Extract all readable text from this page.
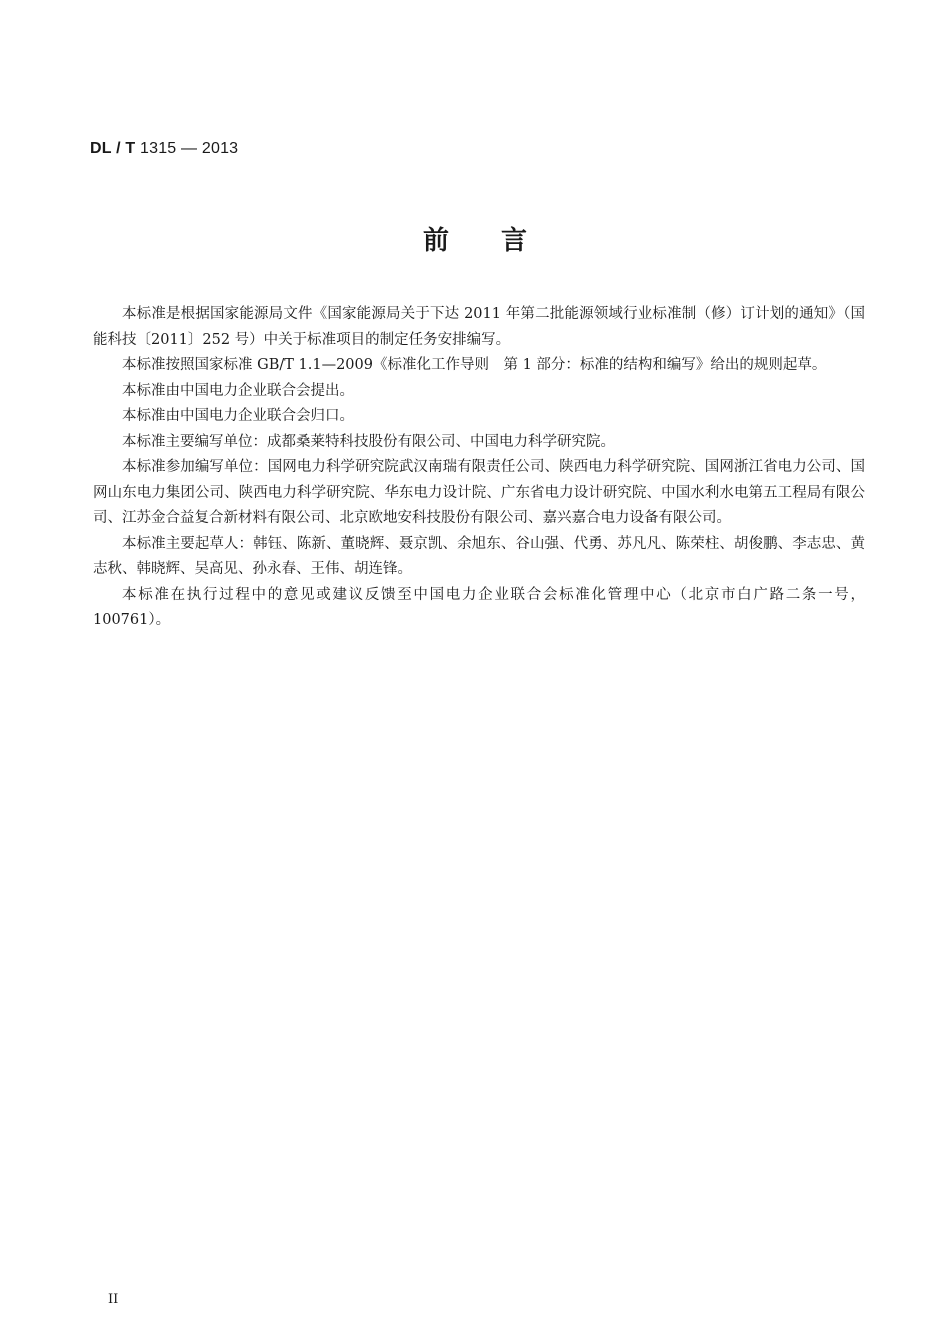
DL / T 1315 — 2013
前言

本标准是根据国家能源局文件《国家能源局关于下达 2011 年第二批能源领域行业标准制（修）订计划的通知》（国能科技〔2011〕252 号）中关于标准项目的制定任务安排编写。

本标准按照国家标准 GB/T 1.1—2009《标准化工作导则　第 1 部分：标准的结构和编写》给出的规则起草。

本标准由中国电力企业联合会提出。

本标准由中国电力企业联合会归口。

本标准主要编写单位：成都桑莱特科技股份有限公司、中国电力科学研究院。

本标准参加编写单位：国网电力科学研究院武汉南瑞有限责任公司、陕西电力科学研究院、国网浙江省电力公司、国网山东电力集团公司、陕西电力科学研究院、华东电力设计院、广东省电力设计研究院、中国水利水电第五工程局有限公司、江苏金合益复合新材料有限公司、北京欧地安科技股份有限公司、嘉兴嘉合电力设备有限公司。

本标准主要起草人：韩钰、陈新、董晓辉、聂京凯、余旭东、谷山强、代勇、苏凡凡、陈荣柱、胡俊鹏、李志忠、黄志秋、韩晓辉、吴高见、孙永春、王伟、胡连锋。

本标准在执行过程中的意见或建议反馈至中国电力企业联合会标准化管理中心（北京市白广路二条一号，100761）。

II
